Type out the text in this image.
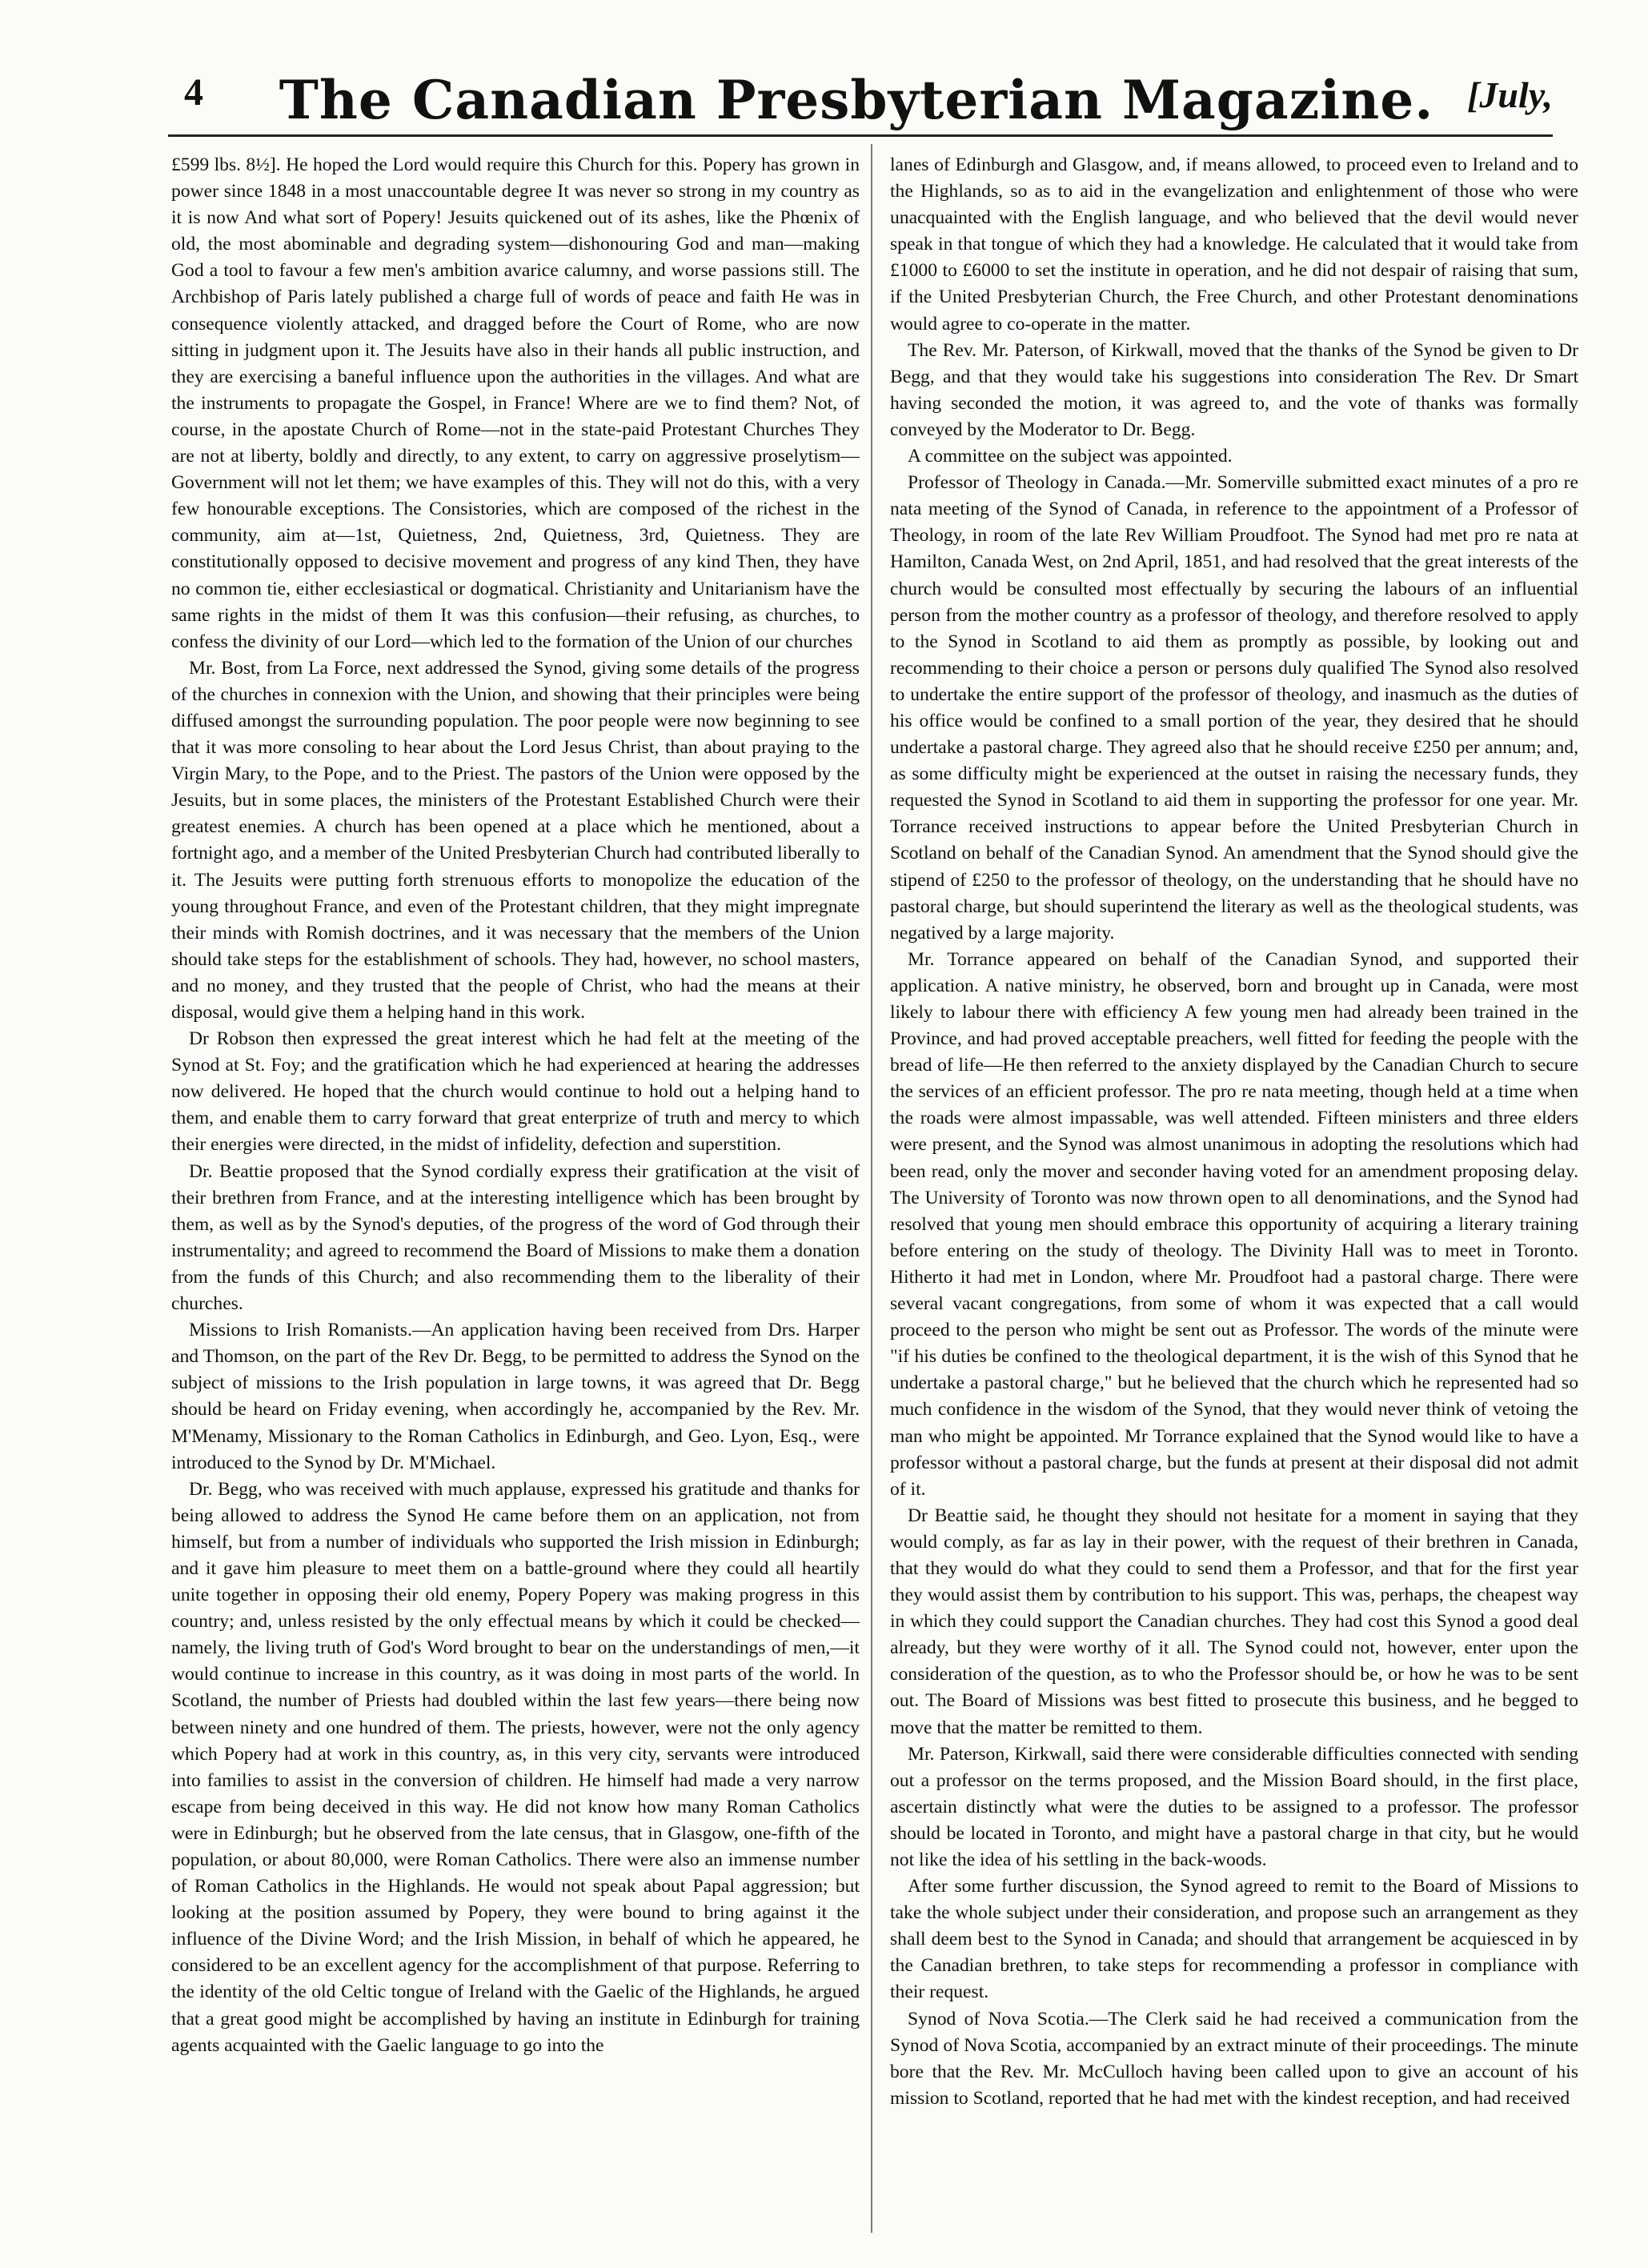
4	The Canadian Presbyterian Magazine. [July,

£599 lbs. 8½]. He hoped the Lord would require this Church for this. Popery has grown in power since 1848 in a most unaccountable degree It was never so strong in my country as it is now And what sort of Popery! Jesuits quickened out of its ashes, like the Phœnix of old, the most abominable and degrading system—dishonouring God and man—making God a tool to favour a few men's ambition avarice calumny, and worse passions still. The Archbishop of Paris lately published a charge full of words of peace and faith He was in consequence violently attacked, and dragged before the Court of Rome, who are now sitting in judgment upon it. The Jesuits have also in their hands all public instruction, and they are exercising a baneful influence upon the authorities in the villages. And what are the instruments to propagate the Gospel, in France! Where are we to find them? Not, of course, in the apostate Church of Rome—not in the state-paid Protestant Churches They are not at liberty, boldly and directly, to any extent, to carry on aggressive proselytism—Government will not let them; we have examples of this. They will not do this, with a very few honourable exceptions. The Consistories, which are composed of the richest in the community, aim at—1st, Quietness, 2nd, Quietness, 3rd, Quietness. They are constitutionally opposed to decisive movement and progress of any kind Then, they have no common tie, either ecclesiastical or dogmatical. Christianity and Unitarianism have the same rights in the midst of them It was this confusion—their refusing, as churches, to confess the divinity of our Lord—which led to the formation of the Union of our churches

Mr. Bost, from La Force, next addressed the Synod, giving some details of the progress of the churches in connexion with the Union, and showing that their principles were being diffused amongst the surrounding population. The poor people were now beginning to see that it was more consoling to hear about the Lord Jesus Christ, than about praying to the Virgin Mary, to the Pope, and to the Priest. The pastors of the Union were opposed by the Jesuits, but in some places, the ministers of the Protestant Established Church were their greatest enemies. A church has been opened at a place which he mentioned, about a fortnight ago, and a member of the United Presbyterian Church had contributed liberally to it. The Jesuits were putting forth strenuous efforts to monopolize the education of the young throughout France, and even of the Protestant children, that they might impregnate their minds with Romish doctrines, and it was necessary that the members of the Union should take steps for the establishment of schools. They had, however, no school masters, and no money, and they trusted that the people of Christ, who had the means at their disposal, would give them a helping hand in this work.

Dr Robson then expressed the great interest which he had felt at the meeting of the Synod at St. Foy; and the gratification which he had experienced at hearing the addresses now delivered. He hoped that the church would continue to hold out a helping hand to them, and enable them to carry forward that great enterprize of truth and mercy to which their energies were directed, in the midst of infidelity, defection and superstition.

Dr. Beattie proposed that the Synod cordially express their gratification at the visit of their brethren from France, and at the interesting intelligence which has been brought by them, as well as by the Synod's deputies, of the progress of the word of God through their instrumentality; and agreed to recommend the Board of Missions to make them a donation from the funds of this Church; and also recommending them to the liberality of their churches.

Missions to Irish Romanists.—An application having been received from Drs. Harper and Thomson, on the part of the Rev Dr. Begg, to be permitted to address the Synod on the subject of missions to the Irish population in large towns, it was agreed that Dr. Begg should be heard on Friday evening, when accordingly he, accompanied by the Rev. Mr. M'Menamy, Missionary to the Roman Catholics in Edinburgh, and Geo. Lyon, Esq., were introduced to the Synod by Dr. M'Michael.

Dr. Begg, who was received with much applause, expressed his gratitude and thanks for being allowed to address the Synod He came before them on an application, not from himself, but from a number of individuals who supported the Irish mission in Edinburgh; and it gave him pleasure to meet them on a battle-ground where they could all heartily unite together in opposing their old enemy, Popery Popery was making progress in this country; and, unless resisted by the only effectual means by which it could be checked—namely, the living truth of God's Word brought to bear on the understandings of men,—it would continue to increase in this country, as it was doing in most parts of the world. In Scotland, the number of Priests had doubled within the last few years—there being now between ninety and one hundred of them. The priests, however, were not the only agency which Popery had at work in this country, as, in this very city, servants were introduced into families to assist in the conversion of children. He himself had made a very narrow escape from being deceived in this way. He did not know how many Roman Catholics were in Edinburgh; but he observed from the late census, that in Glasgow, one-fifth of the population, or about 80,000, were Roman Catholics. There were also an immense number of Roman Catholics in the Highlands. He would not speak about Papal aggression; but looking at the position assumed by Popery, they were bound to bring against it the influence of the Divine Word; and the Irish Mission, in behalf of which he appeared, he considered to be an excellent agency for the accomplishment of that purpose. Referring to the identity of the old Celtic tongue of Ireland with the Gaelic of the Highlands, he argued that a great good might be accomplished by having an institute in Edinburgh for training agents acquainted with the Gaelic language to go into the

lanes of Edinburgh and Glasgow, and, if means allowed, to proceed even to Ireland and to the Highlands, so as to aid in the evangelization and enlightenment of those who were unacquainted with the English language, and who believed that the devil would never speak in that tongue of which they had a knowledge. He calculated that it would take from £1000 to £6000 to set the institute in operation, and he did not despair of raising that sum, if the United Presbyterian Church, the Free Church, and other Protestant denominations would agree to co-operate in the matter.

The Rev. Mr. Paterson, of Kirkwall, moved that the thanks of the Synod be given to Dr Begg, and that they would take his suggestions into consideration The Rev. Dr Smart having seconded the motion, it was agreed to, and the vote of thanks was formally conveyed by the Moderator to Dr. Begg.

A committee on the subject was appointed.

Professor of Theology in Canada.—Mr. Somerville submitted exact minutes of a pro re nata meeting of the Synod of Canada, in reference to the appointment of a Professor of Theology, in room of the late Rev William Proudfoot. The Synod had met pro re nata at Hamilton, Canada West, on 2nd April, 1851, and had resolved that the great interests of the church would be consulted most effectually by securing the labours of an influential person from the mother country as a professor of theology, and therefore resolved to apply to the Synod in Scotland to aid them as promptly as possible, by looking out and recommending to their choice a person or persons duly qualified The Synod also resolved to undertake the entire support of the professor of theology, and inasmuch as the duties of his office would be confined to a small portion of the year, they desired that he should undertake a pastoral charge. They agreed also that he should receive £250 per annum; and, as some difficulty might be experienced at the outset in raising the necessary funds, they requested the Synod in Scotland to aid them in supporting the professor for one year. Mr. Torrance received instructions to appear before the United Presbyterian Church in Scotland on behalf of the Canadian Synod. An amendment that the Synod should give the stipend of £250 to the professor of theology, on the understanding that he should have no pastoral charge, but should superintend the literary as well as the theological students, was negatived by a large majority.

Mr. Torrance appeared on behalf of the Canadian Synod, and supported their application. A native ministry, he observed, born and brought up in Canada, were most likely to labour there with efficiency A few young men had already been trained in the Province, and had proved acceptable preachers, well fitted for feeding the people with the bread of life—He then referred to the anxiety displayed by the Canadian Church to secure the services of an efficient professor. The pro re nata meeting, though held at a time when the roads were almost impassable, was well attended. Fifteen ministers and three elders were present, and the Synod was almost unanimous in adopting the resolutions which had been read, only the mover and seconder having voted for an amendment proposing delay. The University of Toronto was now thrown open to all denominations, and the Synod had resolved that young men should embrace this opportunity of acquiring a literary training before entering on the study of theology. The Divinity Hall was to meet in Toronto. Hitherto it had met in London, where Mr. Proudfoot had a pastoral charge. There were several vacant congregations, from some of whom it was expected that a call would proceed to the person who might be sent out as Professor. The words of the minute were "if his duties be confined to the theological department, it is the wish of this Synod that he undertake a pastoral charge," but he believed that the church which he represented had so much confidence in the wisdom of the Synod, that they would never think of vetoing the man who might be appointed. Mr Torrance explained that the Synod would like to have a professor without a pastoral charge, but the funds at present at their disposal did not admit of it.

Dr Beattie said, he thought they should not hesitate for a moment in saying that they would comply, as far as lay in their power, with the request of their brethren in Canada, that they would do what they could to send them a Professor, and that for the first year they would assist them by contribution to his support. This was, perhaps, the cheapest way in which they could support the Canadian churches. They had cost this Synod a good deal already, but they were worthy of it all. The Synod could not, however, enter upon the consideration of the question, as to who the Professor should be, or how he was to be sent out. The Board of Missions was best fitted to prosecute this business, and he begged to move that the matter be remitted to them.

Mr. Paterson, Kirkwall, said there were considerable difficulties connected with sending out a professor on the terms proposed, and the Mission Board should, in the first place, ascertain distinctly what were the duties to be assigned to a professor. The professor should be located in Toronto, and might have a pastoral charge in that city, but he would not like the idea of his settling in the back-woods.

After some further discussion, the Synod agreed to remit to the Board of Missions to take the whole subject under their consideration, and propose such an arrangement as they shall deem best to the Synod in Canada; and should that arrangement be acquiesced in by the Canadian brethren, to take steps for recommending a professor in compliance with their request.

Synod of Nova Scotia.—The Clerk said he had received a communication from the Synod of Nova Scotia, accompanied by an extract minute of their proceedings. The minute bore that the Rev. Mr. McCulloch having been called upon to give an account of his mission to Scotland, reported that he had met with the kindest reception, and had received
